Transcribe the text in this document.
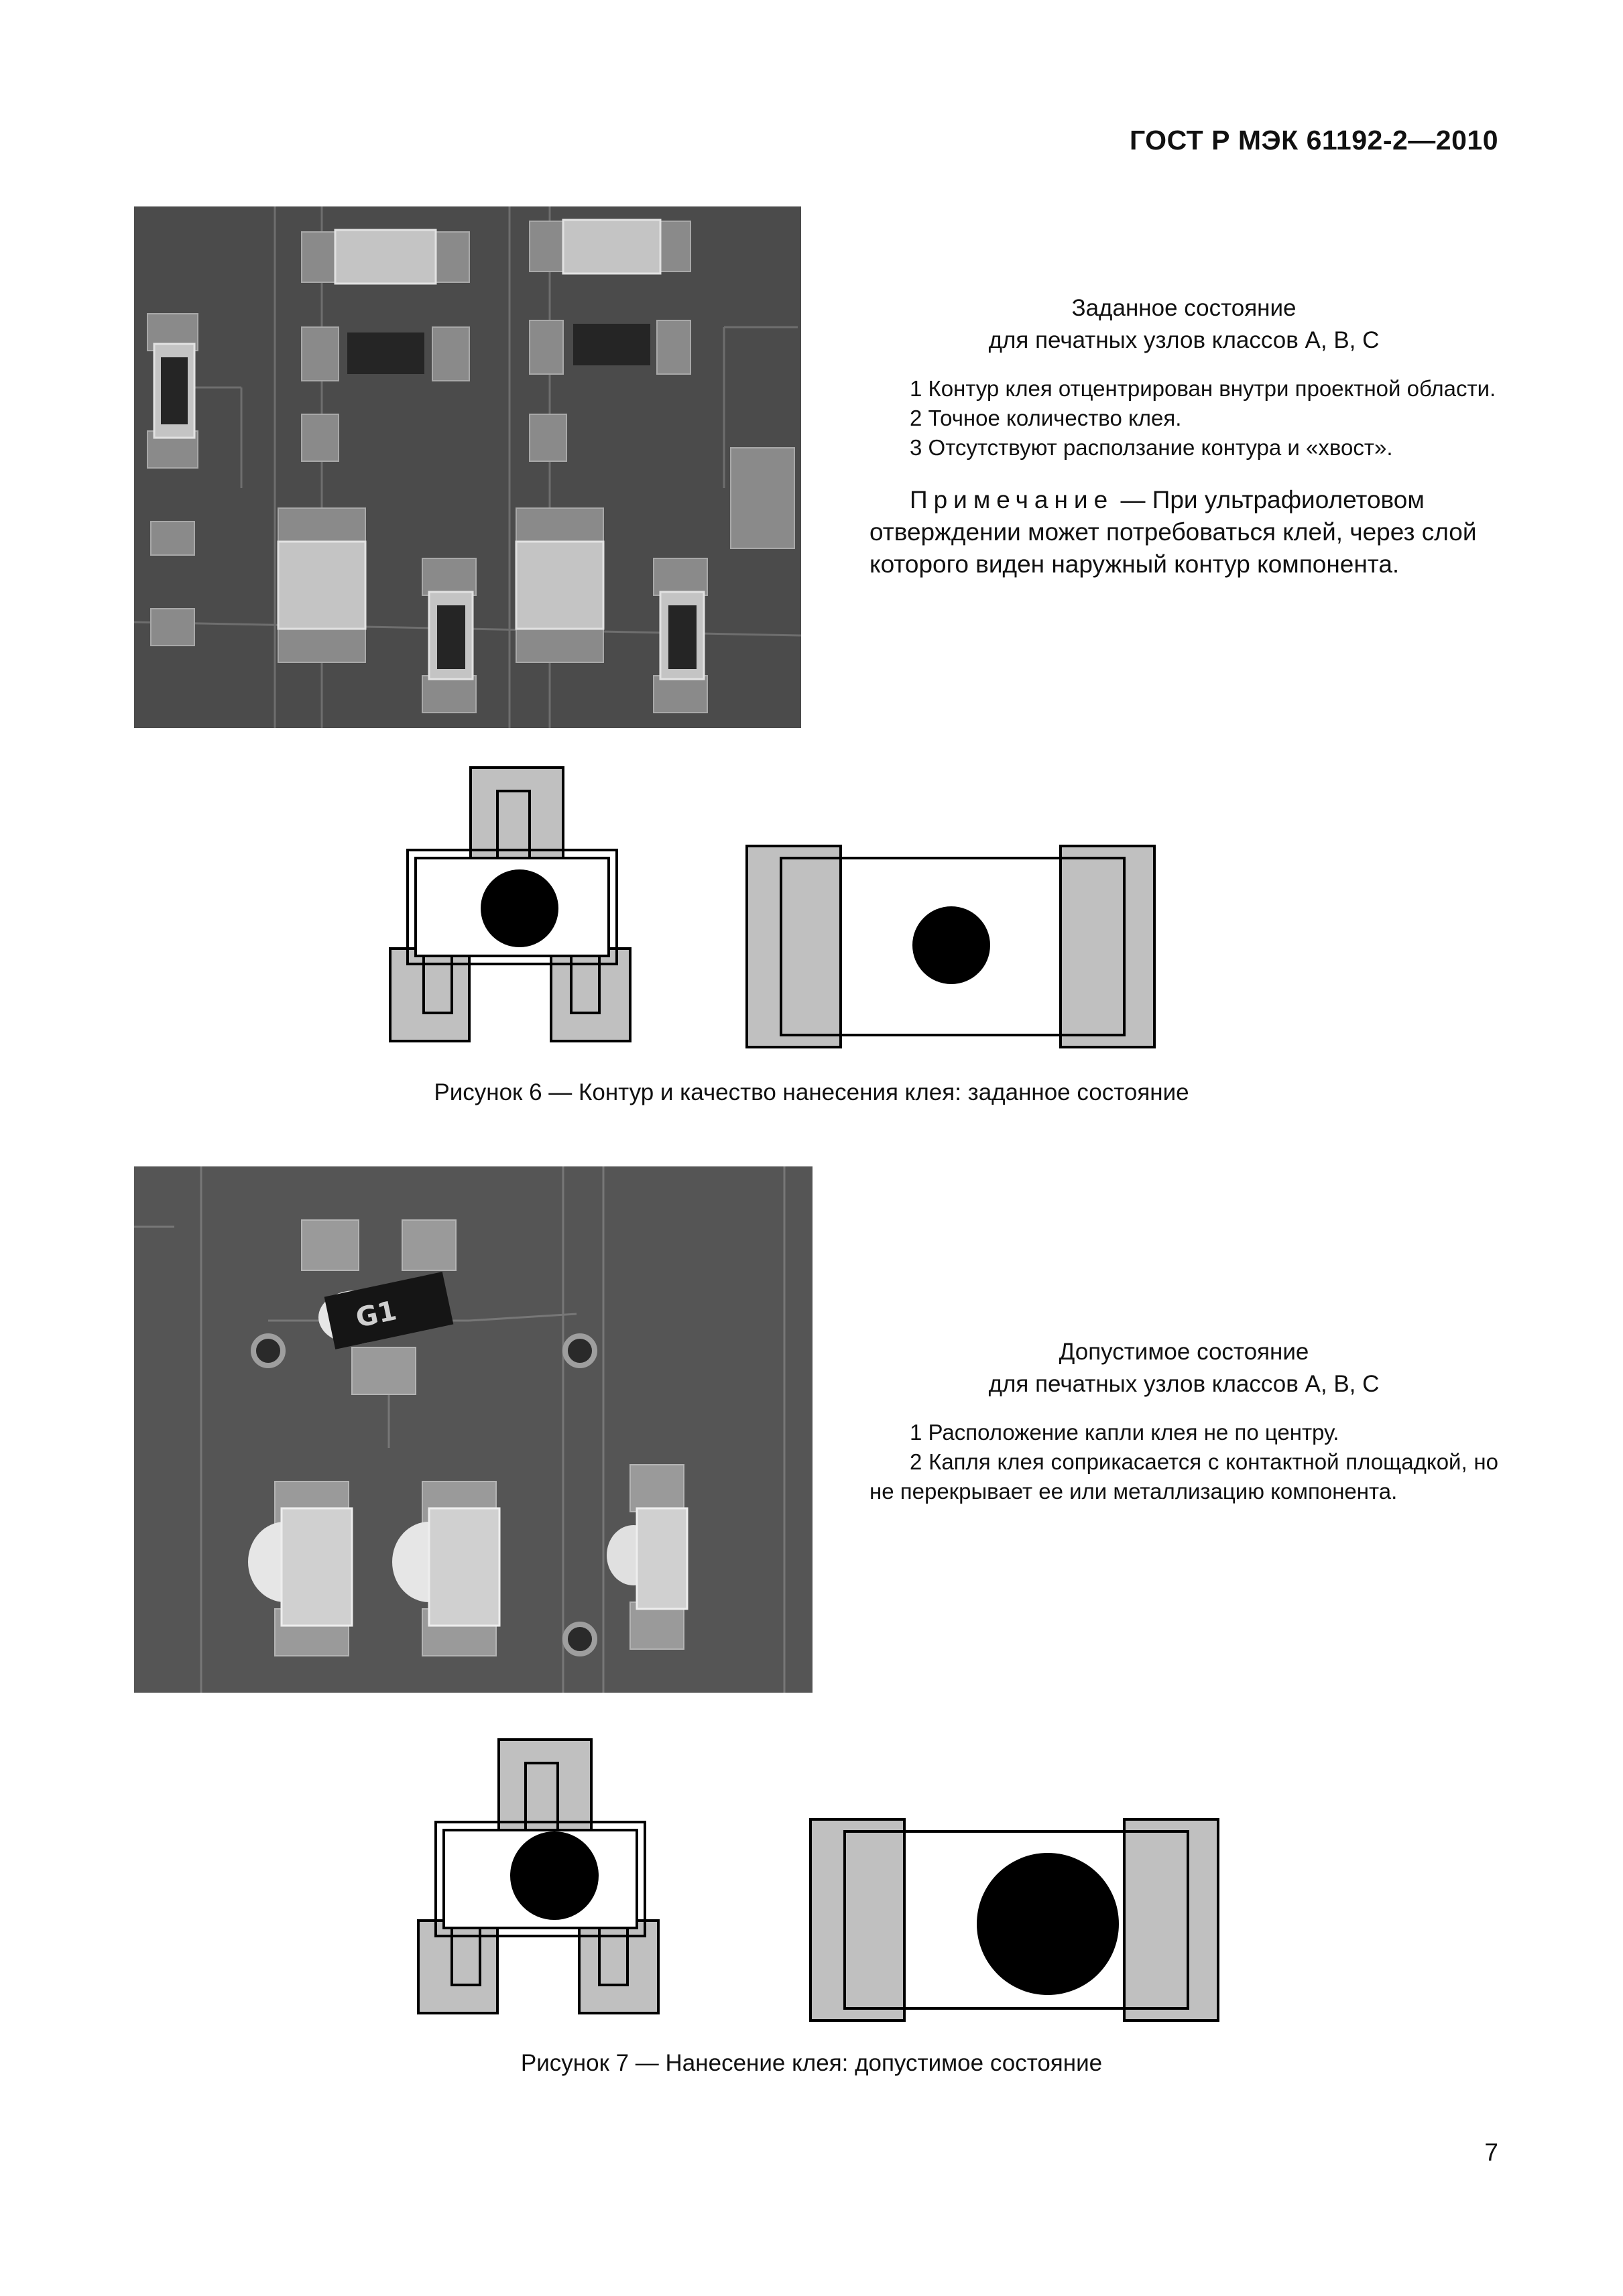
ГОСТ Р МЭК 61192-2—2010
Заданное состояние
для печатных узлов классов А, В, С
1 Контур клея отцентрирован внутри проектной области.
2 Точное количество клея.
3 Отсутствуют расползание контура и «хвост».
Примечание — При ультрафиолетовом отверждении может потребоваться клей, через слой которого виден наружный контур компонента.
Рисунок 6 — Контур и качество нанесения клея: заданное состояние
G1
Допустимое состояние
для печатных узлов классов А, В, С
1 Расположение капли клея не по центру.
2 Капля клея соприкасается с контактной площадкой, но не перекрывает ее или металлизацию компонента.
Рисунок 7 — Нанесение клея: допустимое состояние
7
